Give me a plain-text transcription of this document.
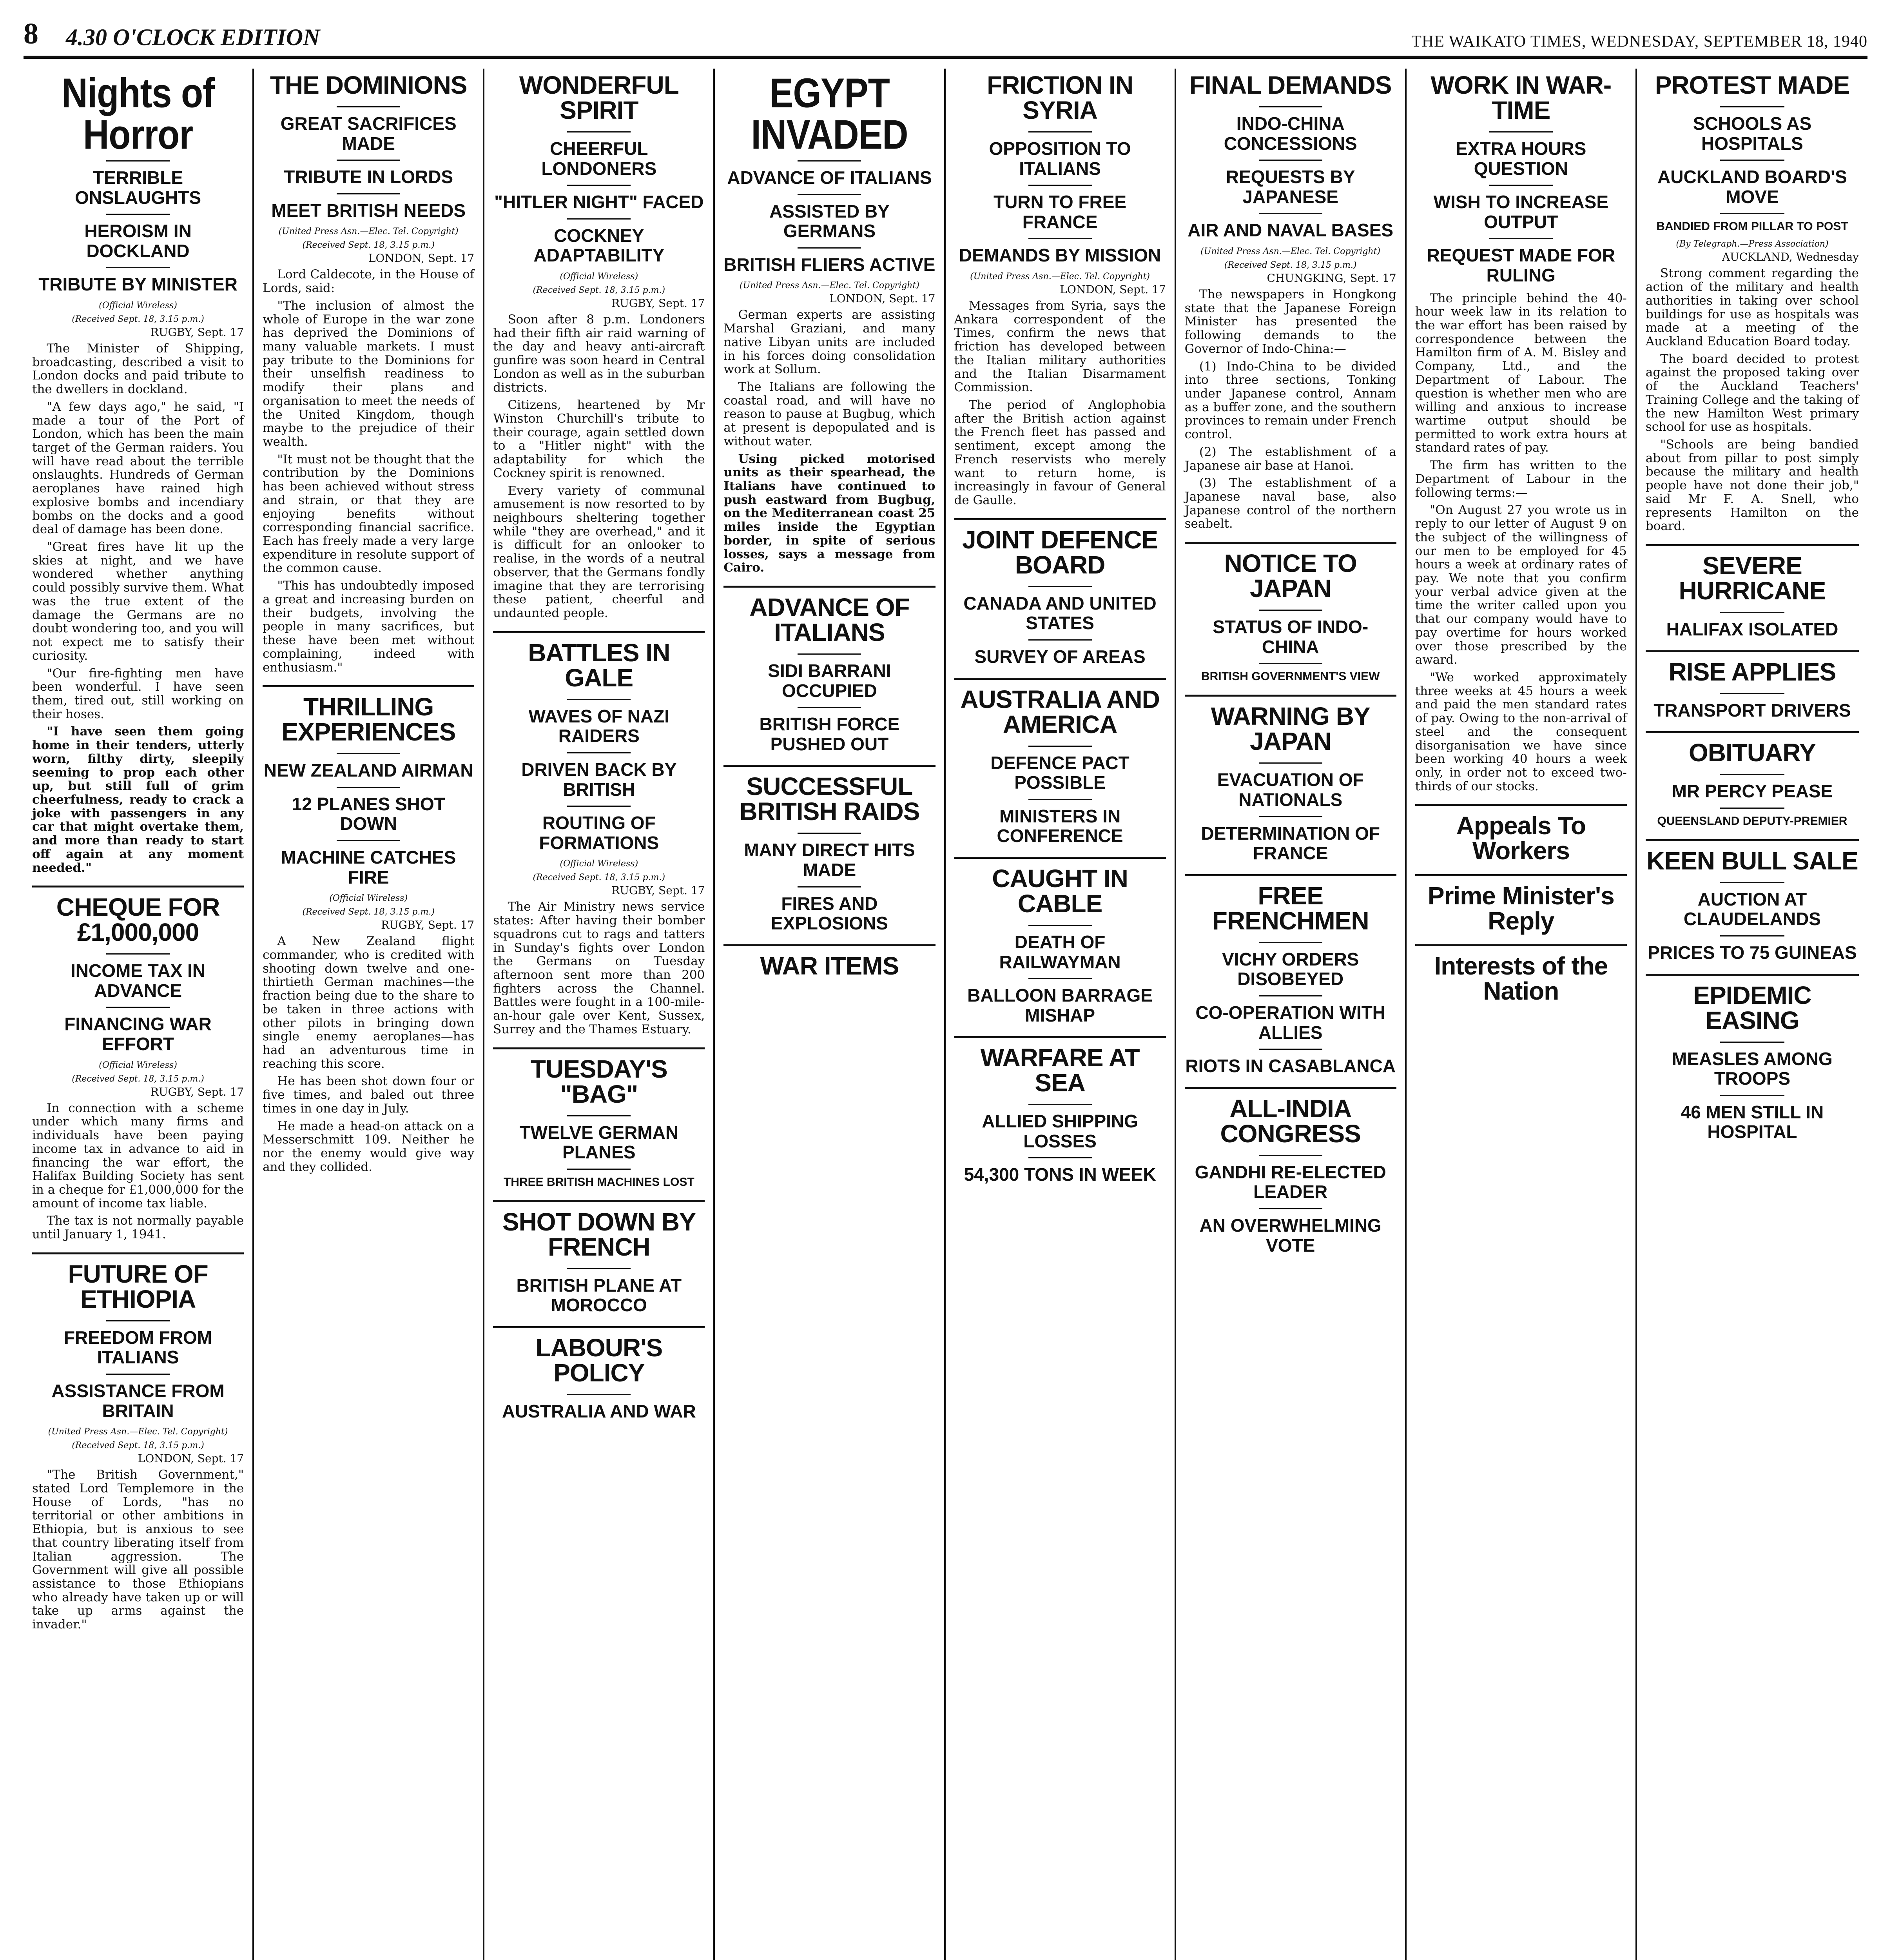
8 4.30 O'CLOCK EDITION	THE WAIKATO TIMES, WEDNESDAY, SEPTEMBER 18, 1940
Nights of Horror
TERRIBLE ONSLAUGHTS
HEROISM IN DOCKLAND
TRIBUTE BY MINISTER
(Official Wireless)
(Received Sept. 18, 3.15 p.m.)
RUGBY, Sept. 17

The Minister of Shipping, broadcasting, described a visit to London docks and paid tribute to the dwellers in dockland.

"A few days ago," he said, "I made a tour of the Port of London, which has been the main target of the German raiders. You will have read about the terrible onslaughts. Hundreds of German aeroplanes have rained high explosive bombs and incendiary bombs on the docks and a good deal of damage has been done.

"Great fires have lit up the skies at night, and we have wondered whether anything could possibly survive them. What was the true extent of the damage the Germans are no doubt wondering too, and you will not expect me to satisfy their curiosity.

"Our fire-fighting men have been wonderful. I have seen them, tired out, still working on their hoses.

"I have seen them going home in their tenders, utterly worn, filthy dirty, sleepily seeming to prop each other up, but still full of grim cheerfulness, ready to crack a joke with passengers in any car that might overtake them, and more than ready to start off again at any moment needed."

CHEQUE FOR £1,000,000
INCOME TAX IN ADVANCE
FINANCING WAR EFFORT
(Official Wireless)
(Received Sept. 18, 3.15 p.m.)
RUGBY, Sept. 17

In connection with a scheme under which many firms and individuals have been paying income tax in advance to aid in financing the war effort, the Halifax Building Society has sent in a cheque for £1,000,000 for the amount of income tax liable.

The tax is not normally payable until January 1, 1941.

FUTURE OF ETHIOPIA
FREEDOM FROM ITALIANS
ASSISTANCE FROM BRITAIN
(United Press Asn.—Elec. Tel. Copyright)
(Received Sept. 18, 3.15 p.m.)
LONDON, Sept. 17

"The British Government," stated Lord Templemore in the House of Lords, "has no territorial or other ambitions in Ethiopia, but is anxious to see that country liberating itself from Italian aggression. The Government will give all possible assistance to those Ethiopians who already have taken up or will take up arms against the invader."

THE DOMINIONS
GREAT SACRIFICES MADE
TRIBUTE IN LORDS
MEET BRITISH NEEDS
(United Press Asn.—Elec. Tel. Copyright)
(Received Sept. 18, 3.15 p.m.)
LONDON, Sept. 17

Lord Caldecote, in the House of Lords, said:

"The inclusion of almost the whole of Europe in the war zone has deprived the Dominions of many valuable markets. I must pay tribute to the Dominions for their unselfish readiness to modify their plans and organisation to meet the needs of the United Kingdom, though maybe to the prejudice of their wealth.

"It must not be thought that the contribution by the Dominions has been achieved without stress and strain, or that they are enjoying benefits without corresponding financial sacrifice. Each has freely made a very large expenditure in resolute support of the common cause.

"This has undoubtedly imposed a great and increasing burden on their budgets, involving the people in many sacrifices, but these have been met without complaining, indeed with enthusiasm."

THRILLING EXPERIENCES
NEW ZEALAND AIRMAN
12 PLANES SHOT DOWN
MACHINE CATCHES FIRE
(Official Wireless)
(Received Sept. 18, 3.15 p.m.)
RUGBY, Sept. 17

A New Zealand flight commander, who is credited with shooting down twelve and one-thirtieth German machines—the fraction being due to the share to be taken in three actions with other pilots in bringing down single enemy aeroplanes—has had an adventurous time in reaching this score.

He has been shot down four or five times, and baled out three times in one day in July.

He made a head-on attack on a Messerschmitt 109. Neither he nor the enemy would give way and they collided.

WONDERFUL SPIRIT
CHEERFUL LONDONERS
"HITLER NIGHT" FACED
COCKNEY ADAPTABILITY
(Official Wireless)
(Received Sept. 18, 3.15 p.m.)
RUGBY, Sept. 17

Soon after 8 p.m. Londoners had their fifth air raid warning of the day and heavy anti-aircraft gunfire was soon heard in Central London as well as in the suburban districts.

Citizens, heartened by Mr Winston Churchill's tribute to their courage, again settled down to a "Hitler night" with the adaptability for which the Cockney spirit is renowned.

Every variety of communal amusement is now resorted to by neighbours sheltering together while "they are overhead," and it is difficult for an onlooker to realise, in the words of a neutral observer, that the Germans fondly imagine that they are terrorising these patient, cheerful and undaunted people.

BATTLES IN GALE
WAVES OF NAZI RAIDERS
DRIVEN BACK BY BRITISH
ROUTING OF FORMATIONS
(Official Wireless)
(Received Sept. 18, 3.15 p.m.)
RUGBY, Sept. 17

The Air Ministry news service states: After having their bomber squadrons cut to rags and tatters in Sunday's fights over London the Germans on Tuesday afternoon sent more than 200 fighters across the Channel. Battles were fought in a 100-mile-an-hour gale over Kent, Sussex, Surrey and the Thames Estuary.

TUESDAY'S "BAG"
TWELVE GERMAN PLANES
THREE BRITISH MACHINES LOST
SHOT DOWN BY FRENCH
BRITISH PLANE AT MOROCCO
LABOUR'S POLICY
AUSTRALIA AND WAR
EGYPT INVADED
ADVANCE OF ITALIANS
ASSISTED BY GERMANS
BRITISH FLIERS ACTIVE
(United Press Asn.—Elec. Tel. Copyright)
LONDON, Sept. 17

German experts are assisting Marshal Graziani, and many native Libyan units are included in his forces doing consolidation work at Sollum.

The Italians are following the coastal road, and will have no reason to pause at Bugbug, which at present is depopulated and is without water.

Using picked motorised units as their spearhead, the Italians have continued to push eastward from Bugbug, on the Mediterranean coast 25 miles inside the Egyptian border, in spite of serious losses, says a message from Cairo.

ADVANCE OF ITALIANS
SIDI BARRANI OCCUPIED
BRITISH FORCE PUSHED OUT
SUCCESSFUL BRITISH RAIDS
MANY DIRECT HITS MADE
FIRES AND EXPLOSIONS
WAR ITEMS
FRICTION IN SYRIA
OPPOSITION TO ITALIANS
TURN TO FREE FRANCE
DEMANDS BY MISSION
(United Press Asn.—Elec. Tel. Copyright)
LONDON, Sept. 17

Messages from Syria, says the Ankara correspondent of the Times, confirm the news that friction has developed between the Italian military authorities and the Italian Disarmament Commission.

The period of Anglophobia after the British action against the French fleet has passed and sentiment, except among the French reservists who merely want to return home, is increasingly in favour of General de Gaulle.

JOINT DEFENCE BOARD
CANADA AND UNITED STATES
SURVEY OF AREAS
AUSTRALIA AND AMERICA
DEFENCE PACT POSSIBLE
MINISTERS IN CONFERENCE
CAUGHT IN CABLE
DEATH OF RAILWAYMAN
BALLOON BARRAGE MISHAP
WARFARE AT SEA
ALLIED SHIPPING LOSSES
54,300 TONS IN WEEK
FINAL DEMANDS
INDO-CHINA CONCESSIONS
REQUESTS BY JAPANESE
AIR AND NAVAL BASES
(United Press Asn.—Elec. Tel. Copyright)
(Received Sept. 18, 3.15 p.m.)
CHUNGKING, Sept. 17

The newspapers in Hongkong state that the Japanese Foreign Minister has presented the following demands to the Governor of Indo-China:—

(1) Indo-China to be divided into three sections, Tonking under Japanese control, Annam as a buffer zone, and the southern provinces to remain under French control.

(2) The establishment of a Japanese air base at Hanoi.

(3) The establishment of a Japanese naval base, also Japanese control of the northern seabelt.

NOTICE TO JAPAN
STATUS OF INDO-CHINA
BRITISH GOVERNMENT'S VIEW
WARNING BY JAPAN
EVACUATION OF NATIONALS
DETERMINATION OF FRANCE
FREE FRENCHMEN
VICHY ORDERS DISOBEYED
CO-OPERATION WITH ALLIES
RIOTS IN CASABLANCA
ALL-INDIA CONGRESS
GANDHI RE-ELECTED LEADER
AN OVERWHELMING VOTE
WORK IN WAR-TIME
EXTRA HOURS QUESTION
WISH TO INCREASE OUTPUT
REQUEST MADE FOR RULING

The principle behind the 40-hour week law in its relation to the war effort has been raised by correspondence between the Hamilton firm of A. M. Bisley and Company, Ltd., and the Department of Labour. The question is whether men who are willing and anxious to increase wartime output should be permitted to work extra hours at standard rates of pay.

The firm has written to the Department of Labour in the following terms:—

"On August 27 you wrote us in reply to our letter of August 9 on the subject of the willingness of our men to be employed for 45 hours a week at ordinary rates of pay. We note that you confirm your verbal advice given at the time the writer called upon you that our company would have to pay overtime for hours worked over those prescribed by the award.

"We worked approximately three weeks at 45 hours a week and paid the men standard rates of pay. Owing to the non-arrival of steel and the consequent disorganisation we have since been working 40 hours a week only, in order not to exceed two-thirds of our stocks.

Appeals To Workers
Prime Minister's Reply
Interests of the Nation
PROTEST MADE
SCHOOLS AS HOSPITALS
AUCKLAND BOARD'S MOVE
BANDIED FROM PILLAR TO POST
(By Telegraph.—Press Association)
AUCKLAND, Wednesday

Strong comment regarding the action of the military and health authorities in taking over school buildings for use as hospitals was made at a meeting of the Auckland Education Board today.

The board decided to protest against the proposed taking over of the Auckland Teachers' Training College and the taking of the new Hamilton West primary school for use as hospitals.

"Schools are being bandied about from pillar to post simply because the military and health people have not done their job," said Mr F. A. Snell, who represents Hamilton on the board.

SEVERE HURRICANE
HALIFAX ISOLATED
RISE APPLIES
TRANSPORT DRIVERS
OBITUARY
MR PERCY PEASE
QUEENSLAND DEPUTY-PREMIER
KEEN BULL SALE
AUCTION AT CLAUDELANDS
PRICES TO 75 GUINEAS
EPIDEMIC EASING
MEASLES AMONG TROOPS
46 MEN STILL IN HOSPITAL
